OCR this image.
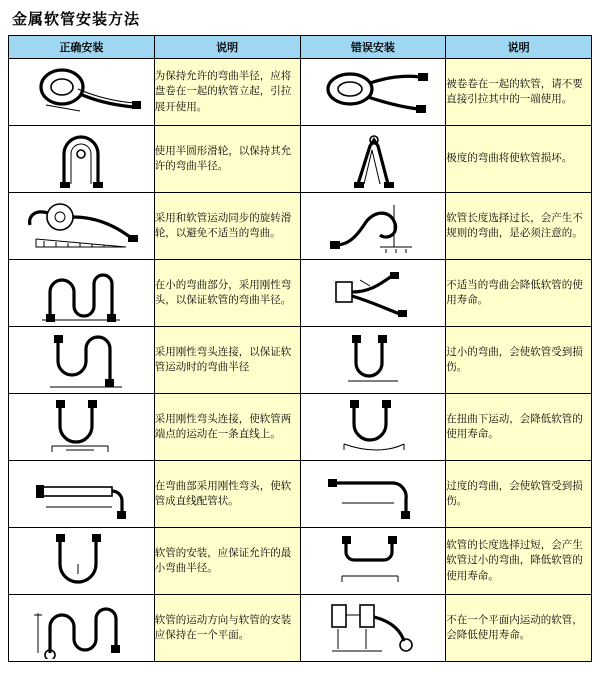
金属软管安装方法
正确安装	说明	错误安装	说明

	为保持允许的弯曲半径，应将盘卷在一起的软管立起，引拉展开使用。		被卷卷在一起的软管，请不要直接引拉其中的一端使用。

	使用半圆形滑轮，以保持其允许的弯曲半径。		极度的弯曲将使软管损坏。

	采用和软管运动同步的旋转滑轮，以避免不适当的弯曲。		软管长度选择过长，会产生不规则的弯曲，是必须注意的。

	在小的弯曲部分，采用刚性弯头，以保证软管的弯曲半径。		不适当的弯曲会降低软管的使用寿命。

	采用刚性弯头连接，以保证软管运动时的弯曲半径		过小的弯曲，会使软管受到损伤。

	采用刚性弯头连接，使软管两端点的运动在一条直线上。		在扭曲下运动，会降低软管的使用寿命。

	在弯曲部采用刚性弯头，使软管成直线配管状。		过度的弯曲，会使软管受到损伤。

	软管的安装，应保证允许的最小弯曲半径。		软管的长度选择过短，会产生软管过小的弯曲，降低软管的使用寿命。

	软管的运动方向与软管的安装应保持在一个平面。		不在一个平面内运动的软管，会降低使用寿命。
